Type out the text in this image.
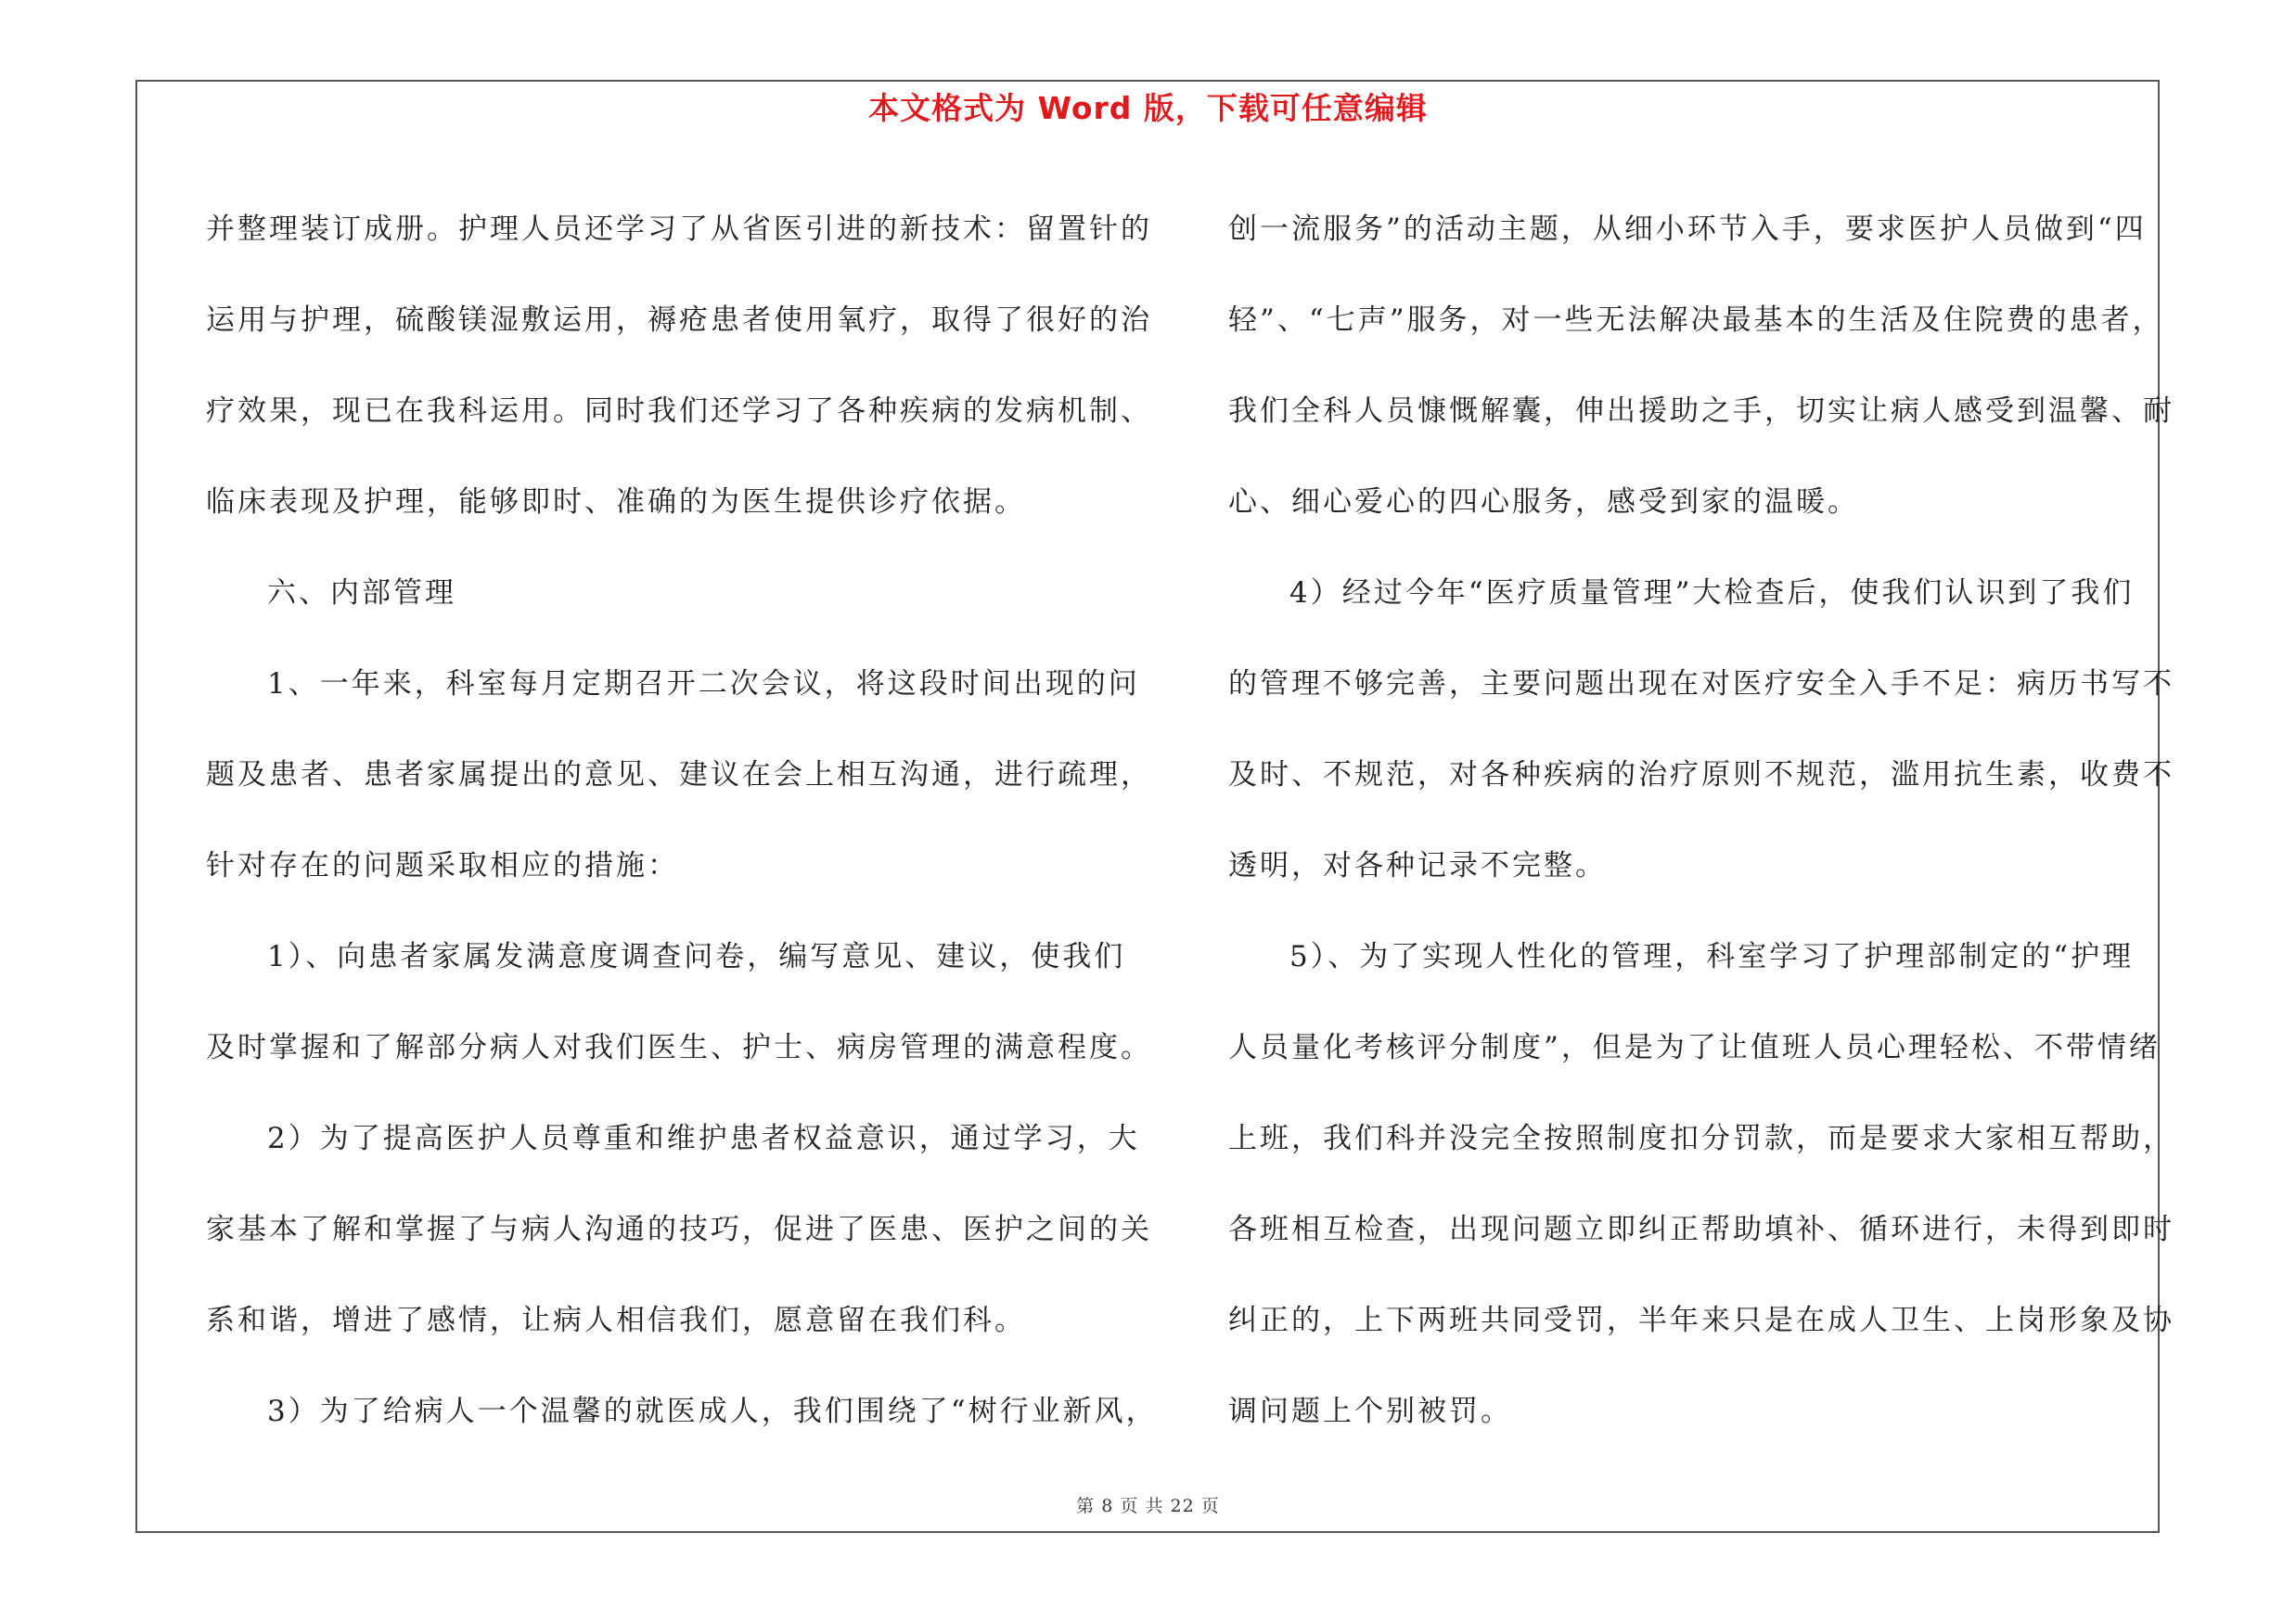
本文格式为 Word 版，下载可任意编辑

并整理装订成册。护理人员还学习了从省医引进的新技术：留置针的

运用与护理，硫酸镁湿敷运用，褥疮患者使用氧疗，取得了很好的治

疗效果，现已在我科运用。同时我们还学习了各种疾病的发病机制、

临床表现及护理，能够即时、准确的为医生提供诊疗依据。

六、内部管理

1、一年来，科室每月定期召开二次会议，将这段时间出现的问

题及患者、患者家属提出的意见、建议在会上相互沟通，进行疏理，

针对存在的问题采取相应的措施：

1）、向患者家属发满意度调查问卷，编写意见、建议，使我们

及时掌握和了解部分病人对我们医生、护士、病房管理的满意程度。

2）为了提高医护人员尊重和维护患者权益意识，通过学习，大

家基本了解和掌握了与病人沟通的技巧，促进了医患、医护之间的关

系和谐，增进了感情，让病人相信我们，愿意留在我们科。

3）为了给病人一个温馨的就医成人，我们围绕了“树行业新风，

创一流服务”的活动主题，从细小环节入手，要求医护人员做到“四

轻”、“七声”服务，对一些无法解决最基本的生活及住院费的患者，

我们全科人员慷慨解囊，伸出援助之手，切实让病人感受到温馨、耐

心、细心爱心的四心服务，感受到家的温暖。

4）经过今年“医疗质量管理”大检查后，使我们认识到了我们

的管理不够完善，主要问题出现在对医疗安全入手不足：病历书写不

及时、不规范，对各种疾病的治疗原则不规范，滥用抗生素，收费不

透明，对各种记录不完整。

5）、为了实现人性化的管理，科室学习了护理部制定的“护理

人员量化考核评分制度”，但是为了让值班人员心理轻松、不带情绪

上班，我们科并没完全按照制度扣分罚款，而是要求大家相互帮助，

各班相互检查，出现问题立即纠正帮助填补、循环进行，未得到即时

纠正的，上下两班共同受罚，半年来只是在成人卫生、上岗形象及协

调问题上个别被罚。

第 8 页 共 22 页
